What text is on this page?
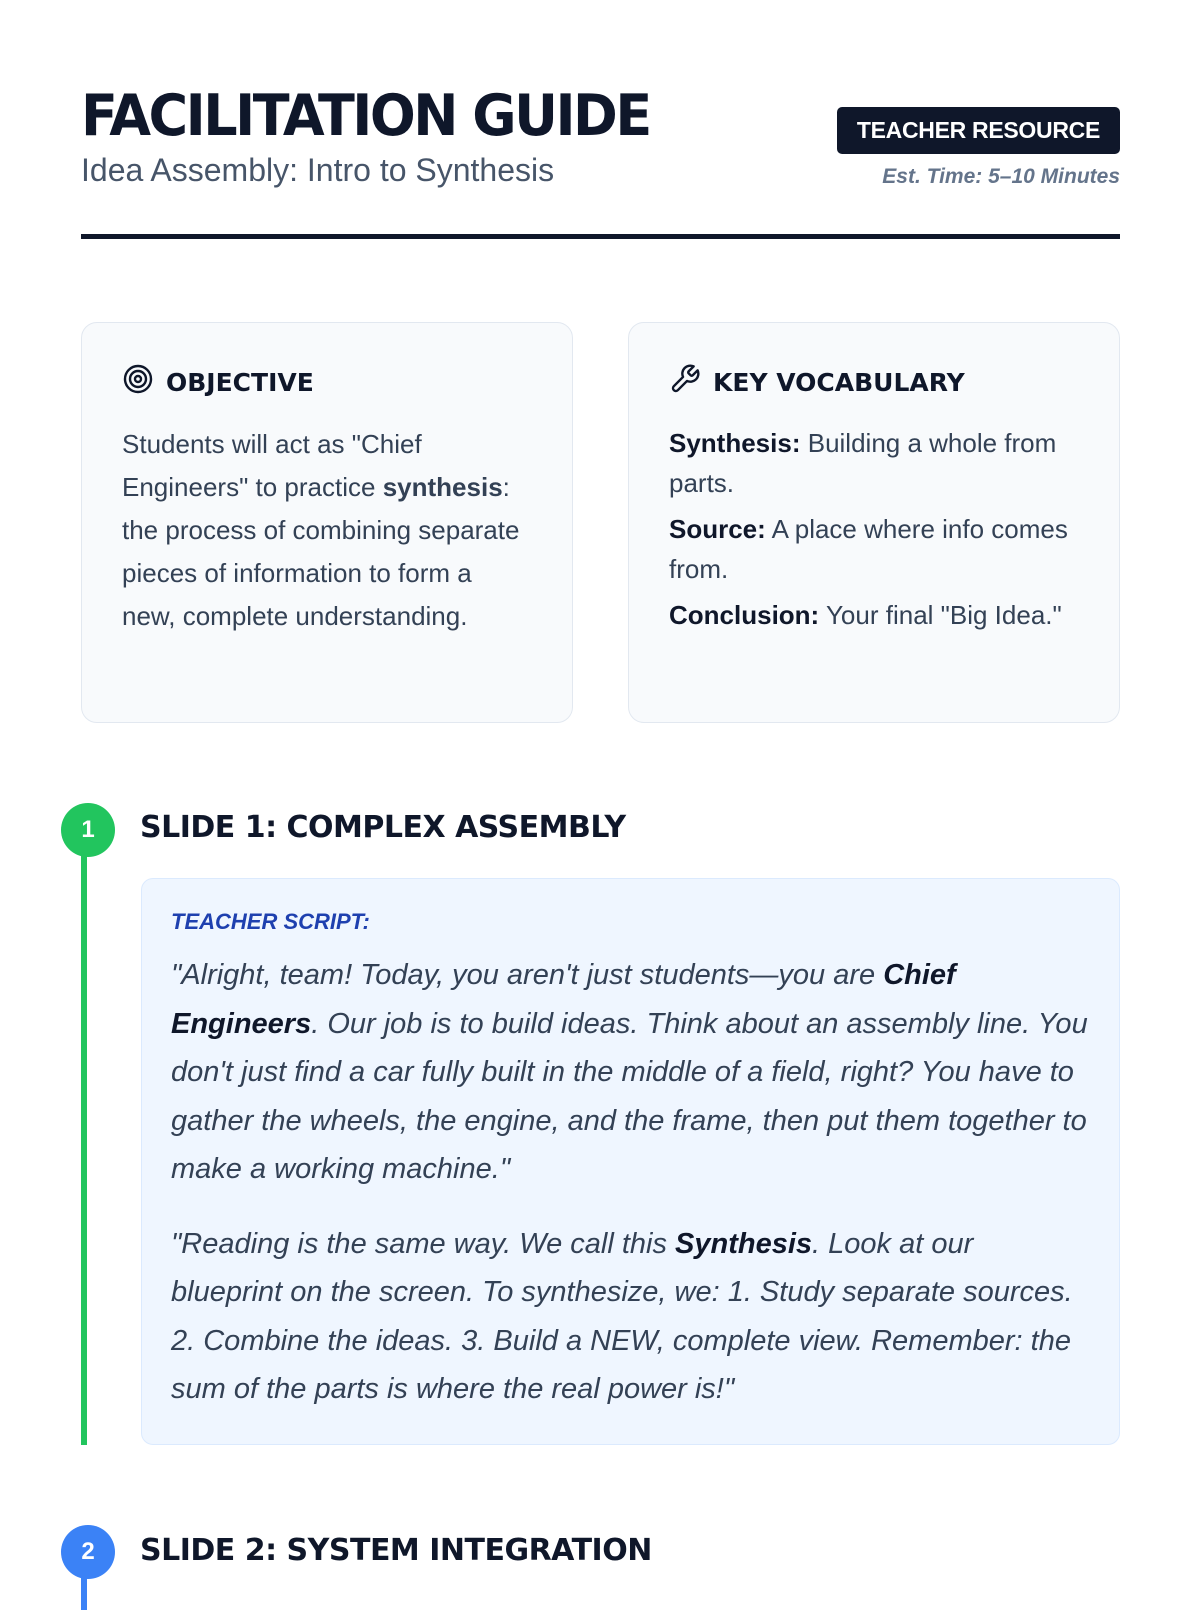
FACILITATION GUIDE
Idea Assembly: Intro to Synthesis
TEACHER RESOURCE
Est. Time: 5–10 Minutes
OBJECTIVE

Students will act as "Chief Engineers" to practice synthesis: the process of combining separate pieces of information to form a new, complete understanding.

KEY VOCABULARY

Synthesis: Building a whole from parts.

Source: A place where info comes from.

Conclusion: Your final "Big Idea."

1	SLIDE 1: COMPLEX ASSEMBLY
TEACHER SCRIPT:

"Alright, team! Today, you aren't just students—you are Chief Engineers. Our job is to build ideas. Think about an assembly line. You don't just find a car fully built in the middle of a field, right? You have to gather the wheels, the engine, and the frame, then put them together to make a working machine."

"Reading is the same way. We call this Synthesis. Look at our blueprint on the screen. To synthesize, we: 1. Study separate sources. 2. Combine the ideas. 3. Build a NEW, complete view. Remember: the sum of the parts is where the real power is!"

2	SLIDE 2: SYSTEM INTEGRATION
